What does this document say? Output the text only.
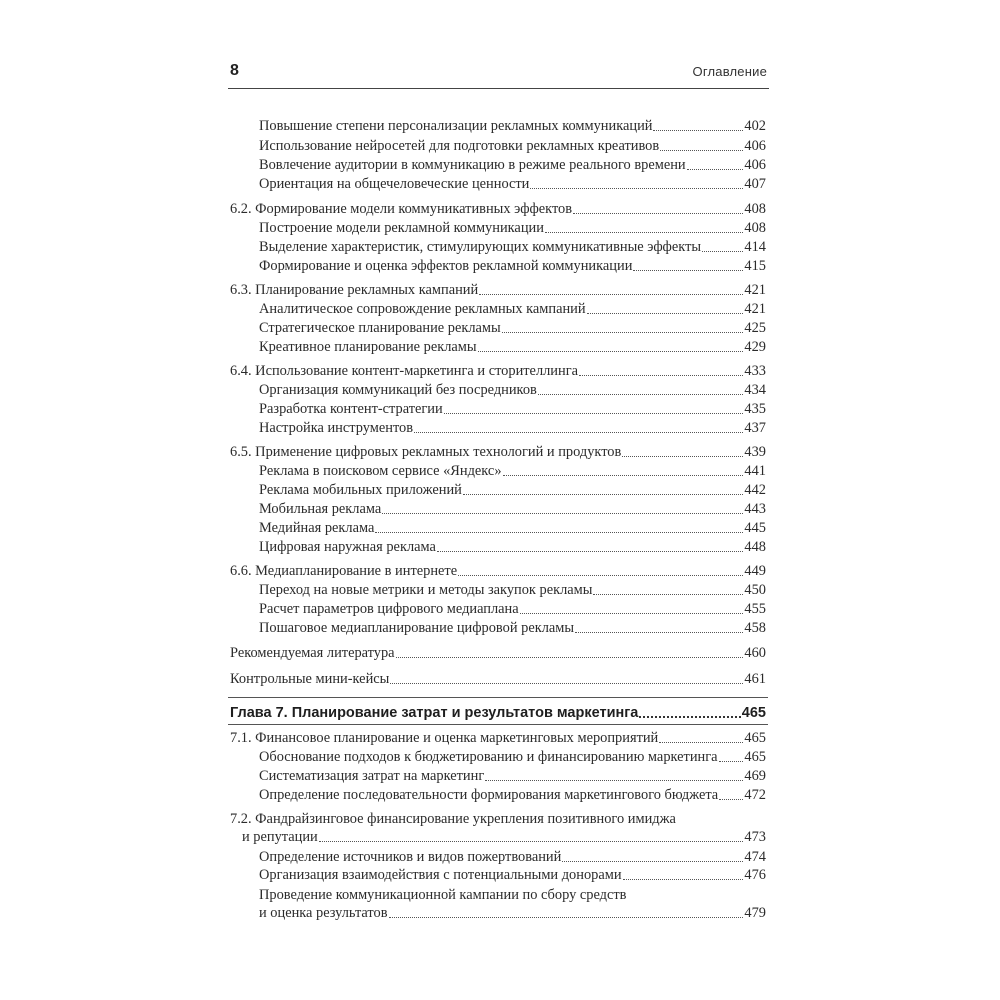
8	Оглавление
Повышение степени персонализации рекламных коммуникаций	402
Использование нейросетей для подготовки рекламных креативов	406
Вовлечение аудитории в коммуникацию в режиме реального времени	406
Ориентация на общечеловеческие ценности	407
6.2. Формирование модели коммуникативных эффектов	408
Построение модели рекламной коммуникации	408
Выделение характеристик, стимулирующих коммуникативные эффекты	414
Формирование и оценка эффектов рекламной коммуникации	415
6.3. Планирование рекламных кампаний	421
Аналитическое сопровождение рекламных кампаний	421
Стратегическое планирование рекламы	425
Креативное планирование рекламы	429
6.4. Использование контент-маркетинга и сторителлинга	433
Организация коммуникаций без посредников	434
Разработка контент-стратегии	435
Настройка инструментов	437
6.5. Применение цифровых рекламных технологий и продуктов	439
Реклама в поисковом сервисе «Яндекс»	441
Реклама мобильных приложений	442
Мобильная реклама	443
Медийная реклама	445
Цифровая наружная реклама	448
6.6. Медиапланирование в интернете	449
Переход на новые метрики и методы закупок рекламы	450
Расчет параметров цифрового медиаплана	455
Пошаговое медиапланирование цифровой рекламы	458
Рекомендуемая литература	460
Контрольные мини-кейсы	461
Глава 7. Планирование затрат и результатов маркетинга	465
7.1. Финансовое планирование и оценка маркетинговых мероприятий	465
Обоснование подходов к бюджетированию и финансированию маркетинга 465
Систематизация затрат на маркетинг	469
Определение последовательности формирования маркетингового бюджета 472
7.2. Фандрайзинговое финансирование укрепления позитивного имиджа
и репутации	473
Определение источников и видов пожертвований	474
Организация взаимодействия с потенциальными донорами	476
Проведение коммуникационной кампании по сбору средств
и оценка результатов	479
